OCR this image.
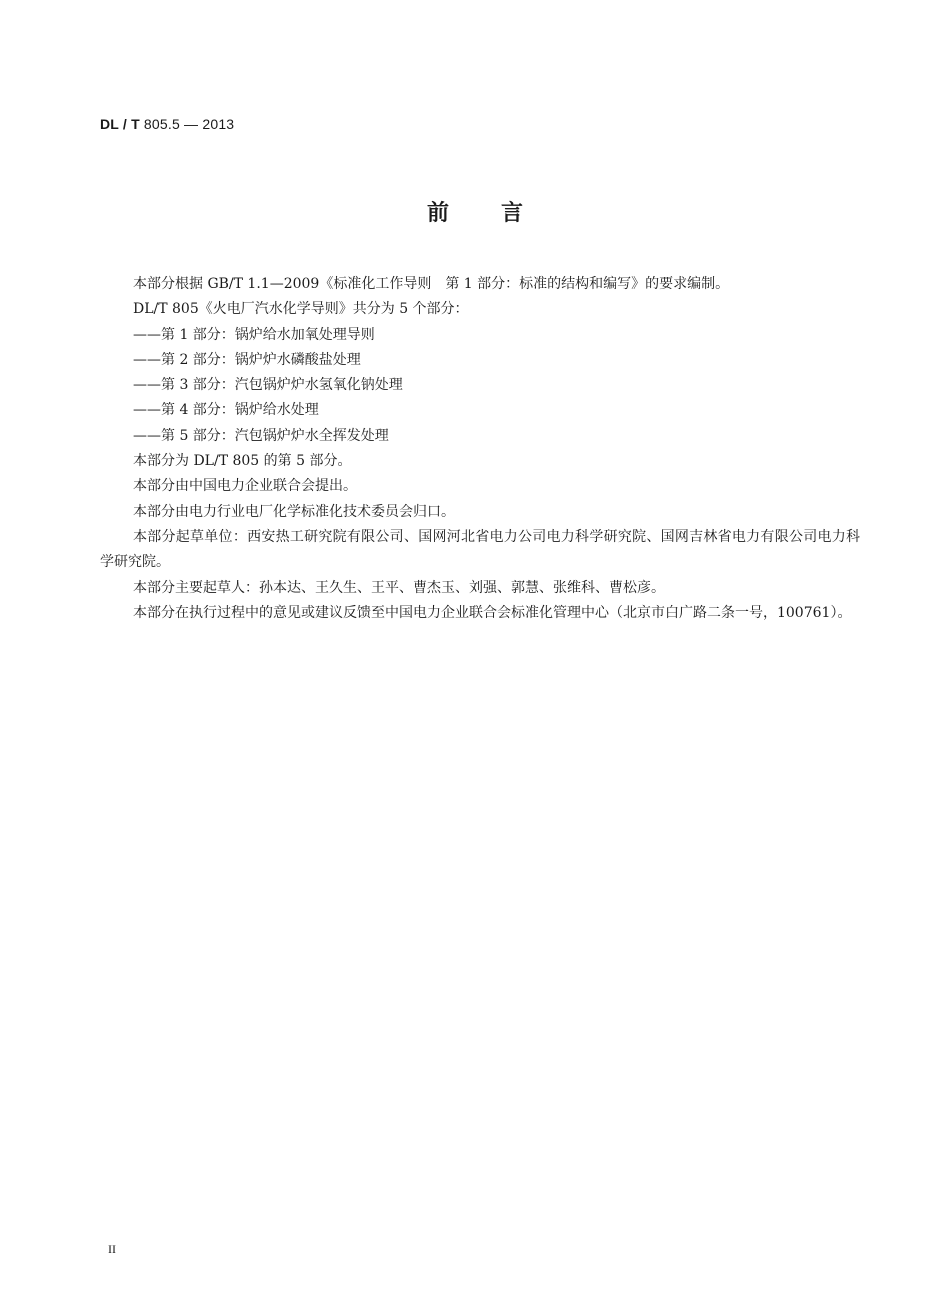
DL / T 805.5 — 2013
前 言

本部分根据 GB/T 1.1—2009《标准化工作导则　第 1 部分：标准的结构和编写》的要求编制。

DL/T 805《火电厂汽水化学导则》共分为 5 个部分：

——第 1 部分：锅炉给水加氧处理导则

——第 2 部分：锅炉炉水磷酸盐处理

——第 3 部分：汽包锅炉炉水氢氧化钠处理

——第 4 部分：锅炉给水处理

——第 5 部分：汽包锅炉炉水全挥发处理

本部分为 DL/T 805 的第 5 部分。

本部分由中国电力企业联合会提出。

本部分由电力行业电厂化学标准化技术委员会归口。

本部分起草单位：西安热工研究院有限公司、国网河北省电力公司电力科学研究院、国网吉林省电力有限公司电力科学研究院。

本部分主要起草人：孙本达、王久生、王平、曹杰玉、刘强、郭慧、张维科、曹松彦。

本部分在执行过程中的意见或建议反馈至中国电力企业联合会标准化管理中心（北京市白广路二条一号，100761）。

II
